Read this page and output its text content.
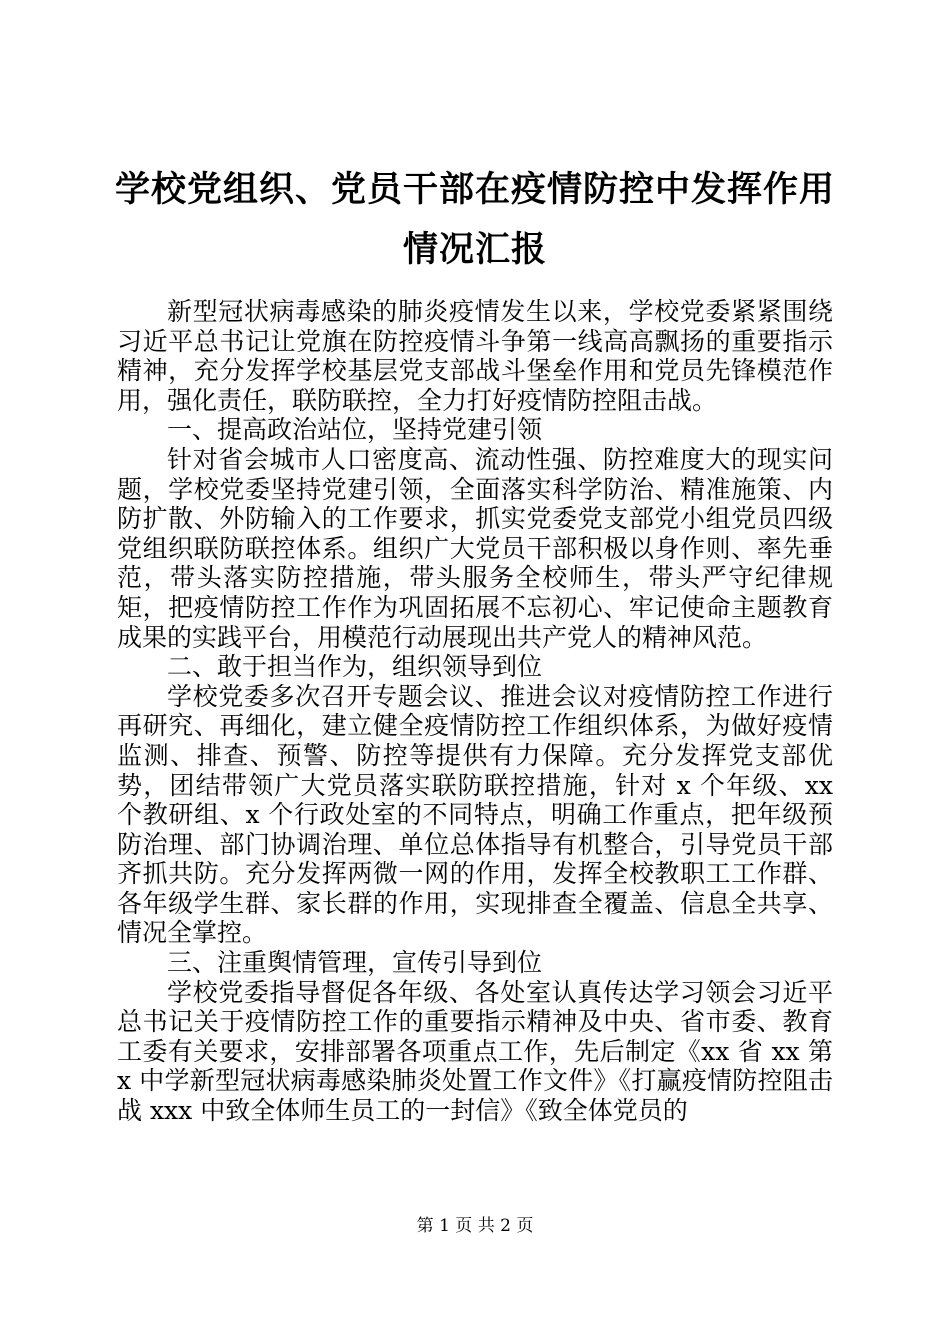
学校党组织、党员干部在疫情防控中发挥作用
情况汇报

新型冠状病毒感染的肺炎疫情发生以来，学校党委紧紧围绕习近平总书记让党旗在防控疫情斗争第一线高高飘扬的重要指示精神，充分发挥学校基层党支部战斗堡垒作用和党员先锋模范作用，强化责任，联防联控，全力打好疫情防控阻击战。

一、提高政治站位，坚持党建引领

针对省会城市人口密度高、流动性强、防控难度大的现实问题，学校党委坚持党建引领，全面落实科学防治、精准施策、内防扩散、外防输入的工作要求，抓实党委党支部党小组党员四级党组织联防联控体系。组织广大党员干部积极以身作则、率先垂范，带头落实防控措施，带头服务全校师生，带头严守纪律规矩，把疫情防控工作作为巩固拓展不忘初心、牢记使命主题教育成果的实践平台，用模范行动展现出共产党人的精神风范。

二、敢于担当作为，组织领导到位

学校党委多次召开专题会议、推进会议对疫情防控工作进行再研究、再细化，建立健全疫情防控工作组织体系，为做好疫情监测、排查、预警、防控等提供有力保障。充分发挥党支部优势，团结带领广大党员落实联防联控措施，针对 x 个年级、xx 个教研组、x 个行政处室的不同特点，明确工作重点，把年级预防治理、部门协调治理、单位总体指导有机整合，引导党员干部齐抓共防。充分发挥两微一网的作用，发挥全校教职工工作群、各年级学生群、家长群的作用，实现排查全覆盖、信息全共享、情况全掌控。

三、注重舆情管理，宣传引导到位

学校党委指导督促各年级、各处室认真传达学习领会习近平总书记关于疫情防控工作的重要指示精神及中央、省市委、教育工委有关要求，安排部署各项重点工作，先后制定《xx 省 xx 第 x 中学新型冠状病毒感染肺炎处置工作文件》《打赢疫情防控阻击战 xxx 中致全体师生员工的一封信》《致全体党员的

第 1 页 共 2 页
